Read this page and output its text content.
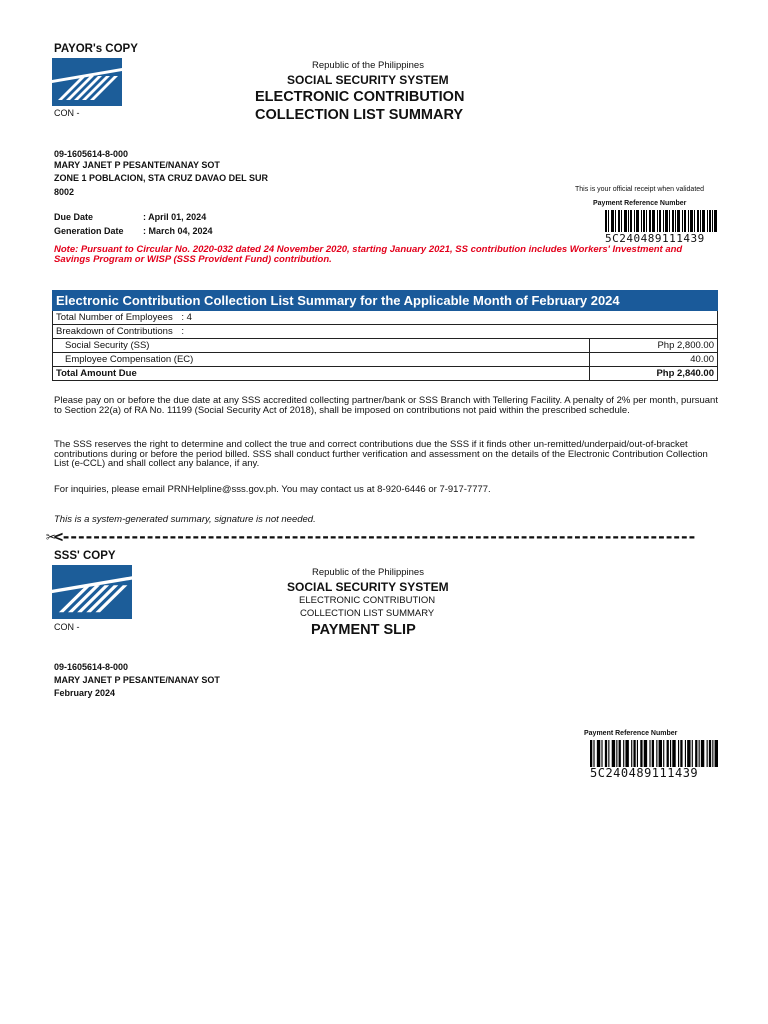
PAYOR's COPY
CON -
Republic of the Philippines
SOCIAL SECURITY SYSTEM
ELECTRONIC CONTRIBUTION
COLLECTION LIST SUMMARY
09-1605614-8-000
MARY JANET P PESANTE/NANAY SOT
ZONE 1 POBLACION, STA CRUZ DAVAO DEL SUR
8002	This is your official receipt when validated
Payment Reference Number
5C240489111439
Due Date	: April 01, 2024
Generation Date : March 04, 2024
Note: Pursuant to Circular No. 2020-032 dated 24 November 2020, starting January 2021, SS contribution includes Workers' Investment and Savings Program or WISP (SSS Provident Fund) contribution.
Electronic Contribution Collection List Summary for the Applicable Month of February 2024	
Total Number of Employees : 4	
Breakdown of Contributions :	
Social Security (SS)	Php 2,800.00
Employee Compensation (EC)	40.00
Total Amount Due	Php 2,840.00
Please pay on or before the due date at any SSS accredited collecting partner/bank or SSS Branch with Tellering Facility. A penalty of 2% per month, pursuant to Section 22(a) of RA No. 11199 (Social Security Act of 2018), shall be imposed on contributions not paid within the prescribed schedule.
The SSS reserves the right to determine and collect the true and correct contributions due the SSS if it finds other un-remitted/underpaid/out-of-bracket contributions during or before the period billed. SSS shall conduct further verification and assessment on the details of the Electronic Contribution Collection List (e-CCL) and shall collect any balance, if any.
For inquiries, please email PRNHelpline@sss.gov.ph. You may contact us at 8-920-6446 or 7-917-7777.
This is a system-generated summary, signature is not needed.
✂<-----------------------------------------------------------------------------------
SSS' COPY
CON -
Republic of the Philippines
SOCIAL SECURITY SYSTEM
ELECTRONIC CONTRIBUTION
COLLECTION LIST SUMMARY
PAYMENT SLIP
09-1605614-8-000
MARY JANET P PESANTE/NANAY SOT
February 2024
Payment Reference Number
5C240489111439
